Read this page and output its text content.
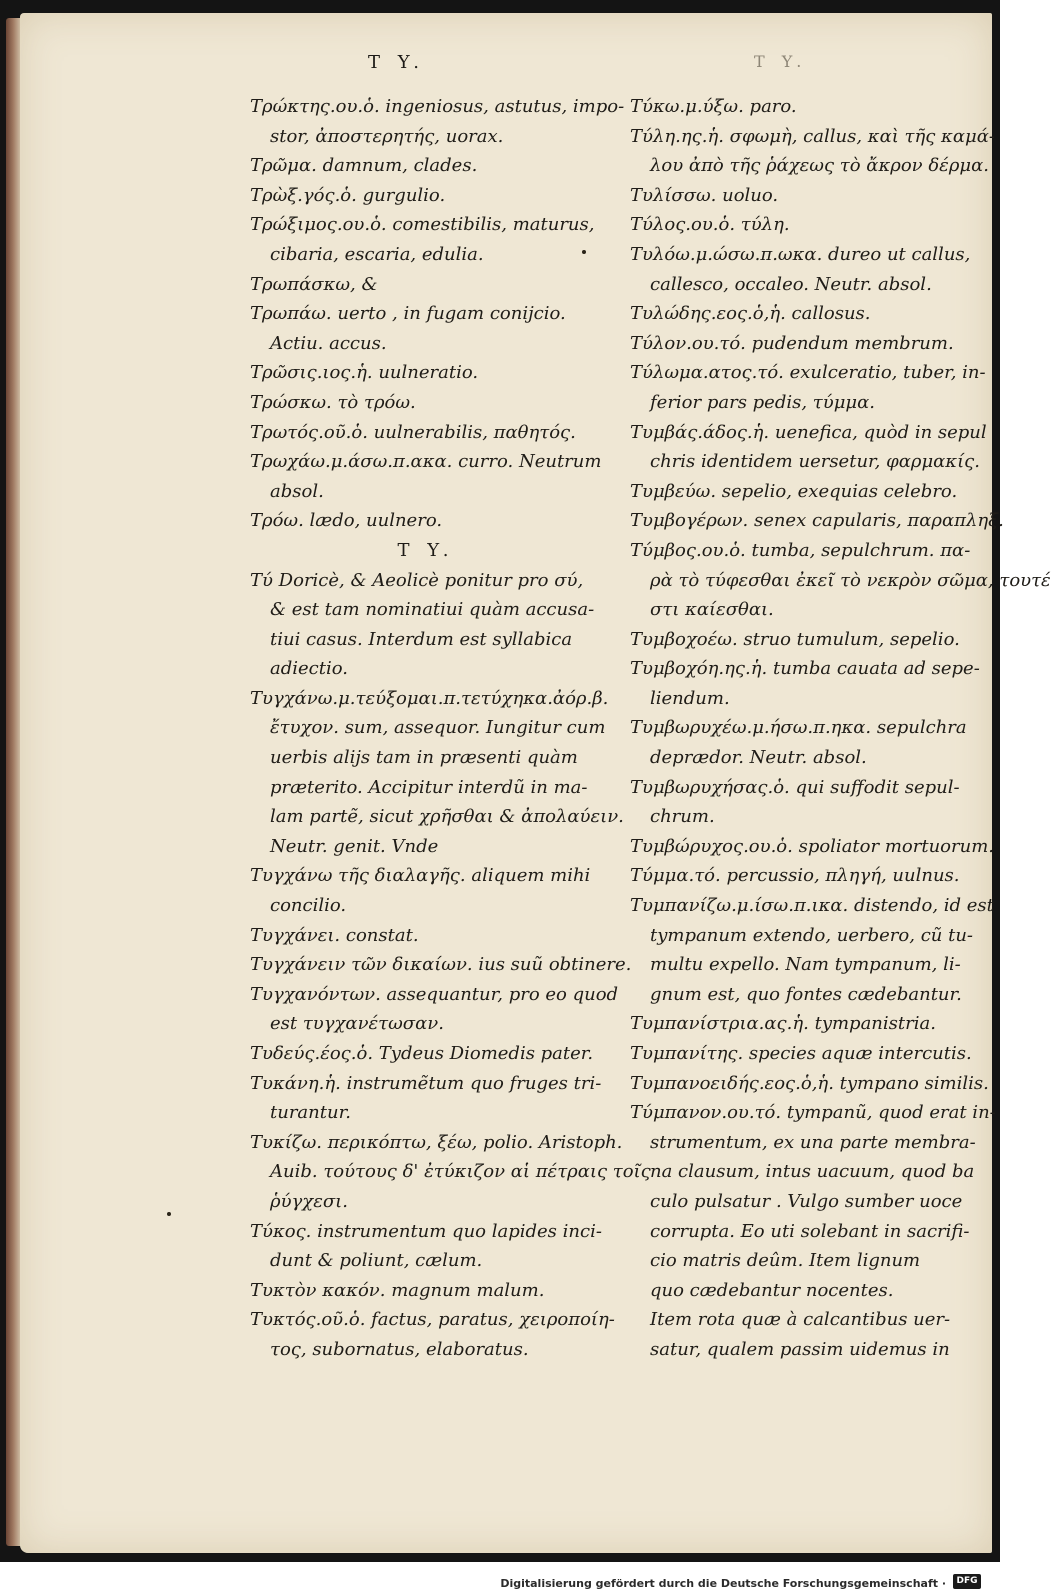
T Y.	T Y.
Τρώκτης.ου.ὁ. ingeniosus, astutus, impo-
stor, ἀποστερητής, uorax.
Τρῶμα. damnum, clades.
Τρὼξ.γός.ὁ. gurgulio.
Τρώξιμος.ου.ὁ. comestibilis, maturus,
cibaria, escaria, edulia.
Τρωπάσκω, &
Τρωπάω. uerto , in fugam conijcio.
Actiu. accus.
Τρῶσις.ιος.ἡ. uulneratio.
Τρώσκω. τὸ τρόω.
Τρωτός.οῦ.ὁ. uulnerabilis, παθητός.
Τρωχάω.μ.άσω.π.ακα. curro. Neutrum
absol.
Τρόω. lædo, uulnero.
T Y.
Τύ Doricè, & Aeolicè ponitur pro σύ,
& est tam nominatiui quàm accusa-
tiui casus. Interdum est syllabica
adiectio.
Τυγχάνω.μ.τεύξομαι.π.τετύχηκα.ἀόρ.β.
ἔτυχον. sum, assequor. Iungitur cum
uerbis alijs tam in præsenti quàm
præterito. Accipitur interdũ in ma-
lam partẽ, sicut χρῆσθαι & ἀπολαύειν.
Neutr. genit. Vnde
Τυγχάνω τῆς διαλαγῆς. aliquem mihi
concilio.
Τυγχάνει. constat.
Τυγχάνειν τῶν δικαίων. ius suũ obtinere.
Τυγχανόντων. assequantur, pro eo quod
est τυγχανέτωσαν.
Τυδεύς.έος.ὁ. Tydeus Diomedis pater.
Τυκάνη.ἡ. instrumẽtum quo fruges tri-
turantur.
Τυκίζω. περικόπτω, ξέω, polio. Aristoph.
Auib. τούτους δ' ἐτύκιζον αἱ πέτραις τοῖς
ῥύγχεσι.
Τύκος. instrumentum quo lapides inci-
dunt & poliunt, cælum.
Τυκτὸν κακόν. magnum malum.
Τυκτός.οῦ.ὁ. factus, paratus, χειροποίη-
τος, subornatus, elaboratus.
Τύκω.μ.ύξω. paro.
Τύλη.ης.ἡ. σφωμὴ, callus, καὶ τῆς καμά-
λου ἀπὸ τῆς ῥάχεως τὸ ἄκρον δέρμα.
Τυλίσσω. uoluo.
Τύλος.ου.ὁ. τύλη.
Τυλόω.μ.ώσω.π.ωκα. dureo ut callus,
callesco, occaleo. Neutr. absol.
Τυλώδης.εος.ὁ,ἡ. callosus.
Τύλον.ου.τό. pudendum membrum.
Τύλωμα.ατος.τό. exulceratio, tuber, in-
ferior pars pedis, τύμμα.
Τυμβάς.άδος.ἡ. uenefica, quòd in sepul
chris identidem uersetur, φαρμακίς.
Τυμβεύω. sepelio, exequias celebro.
Τυμβογέρων. senex capularis, παραπληξ.
Τύμβος.ου.ὁ. tumba, sepulchrum. πα-
ρὰ τὸ τύφεσθαι ἐκεῖ τὸ νεκρὸν σῶμα, τουτέ
στι καίεσθαι.
Τυμβοχοέω. struo tumulum, sepelio.
Τυμβοχόη.ης.ἡ. tumba cauata ad sepe-
liendum.
Τυμβωρυχέω.μ.ήσω.π.ηκα. sepulchra
deprædor. Neutr. absol.
Τυμβωρυχήσας.ὁ. qui suffodit sepul-
chrum.
Τυμβώρυχος.ου.ὁ. spoliator mortuorum.
Τύμμα.τό. percussio, πληγή, uulnus.
Τυμπανίζω.μ.ίσω.π.ικα. distendo, id est
tympanum extendo, uerbero, cũ tu-
multu expello. Nam tympanum, li-
gnum est, quo fontes cædebantur.
Τυμπανίστρια.ας.ἡ. tympanistria.
Τυμπανίτης. species aquæ intercutis.
Τυμπανοειδής.εος.ὁ,ἡ. tympano similis.
Τύμπανον.ου.τό. tympanũ, quod erat in-
strumentum, ex una parte membra-
na clausum, intus uacuum, quod ba
culo pulsatur . Vulgo sumber uoce
corrupta. Eo uti solebant in sacrifi-
cio matris deûm. Item lignum
quo cædebantur nocentes.
Item rota quæ à calcantibus uer-
satur, qualem passim uidemus in
Digitalisierung gefördert durch die Deutsche Forschungsgemeinschaft ·	DFG
